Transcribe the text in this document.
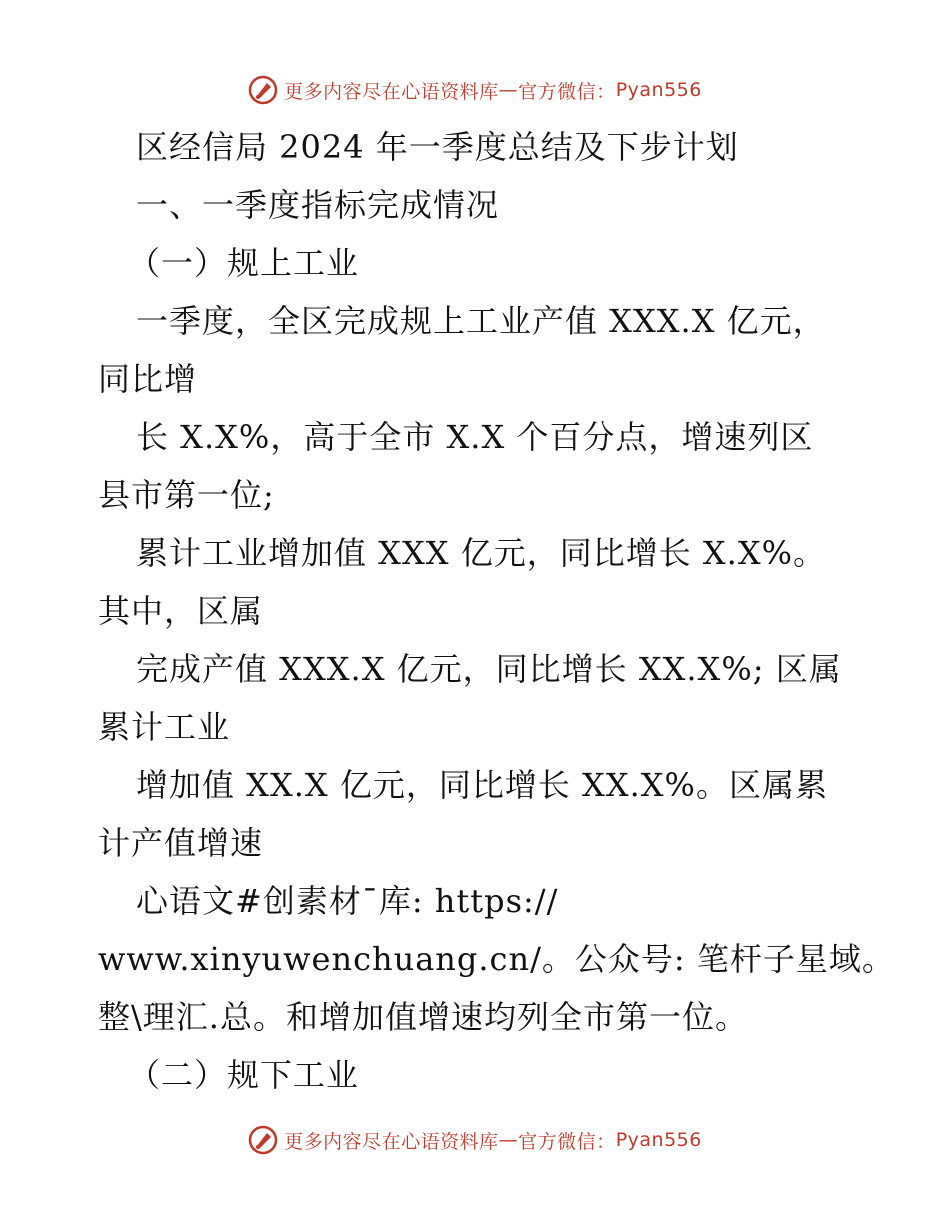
更多内容尽在心语资料库 — 官方微信： Pyan556
区经信局 2024 年一季度总结及下步计划
一、一季度指标完成情况
（一）规上工业
一季度，全区完成规上工业产值 XXX.X 亿元，
同比增
长 X.X%，高于全市 X.X 个百分点，增速列区
县市第一位;
累计工业增加值 XXX 亿元，同比增长 X.X%。
其中，区属
完成产值 XXX.X 亿元，同比增长 XX.X%; 区属
累计工业
增加值 XX.X 亿元，同比增长 XX.X%。区属累
计产值增速
心语文#创素材¯库: https://
www.xinyuwenchuang.cn/。公众号: 笔杆子星域。
整\理汇.总。和增加值增速均列全市第一位。
（二）规下工业
更多内容尽在心语资料库 — 官方微信： Pyan556
